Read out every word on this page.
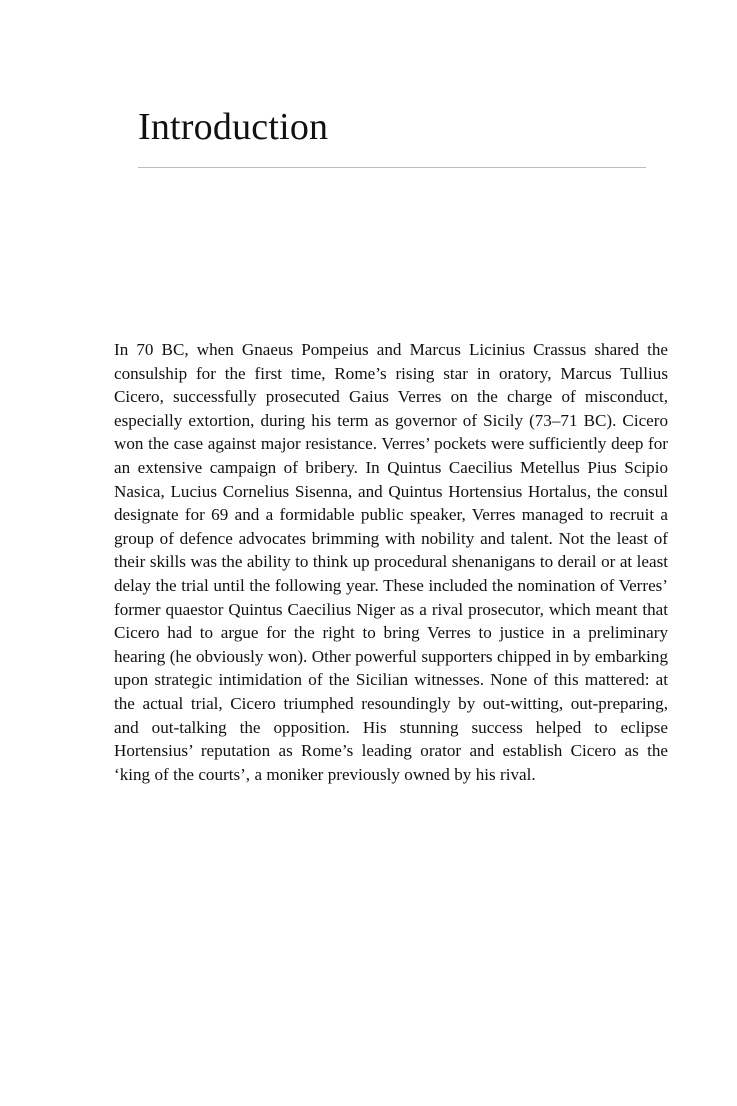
Introduction

In 70 BC, when Gnaeus Pompeius and Marcus Licinius Crassus shared the consulship for the first time, Rome’s rising star in oratory, Marcus Tullius Cicero, successfully prosecuted Gaius Verres on the charge of misconduct, especially extortion, during his term as governor of Sicily (73–71 BC). Cicero won the case against major resistance. Verres’ pockets were sufficiently deep for an extensive campaign of bribery. In Quintus Caecilius Metellus Pius Scipio Nasica, Lucius Cornelius Sisenna, and Quintus Hortensius Hortalus, the consul designate for 69 and a formidable public speaker, Verres managed to recruit a group of defence advocates brimming with nobility and talent. Not the least of their skills was the ability to think up procedural shenanigans to derail or at least delay the trial until the following year. These included the nomination of Verres’ former quaestor Quintus Caecilius Niger as a rival prosecutor, which meant that Cicero had to argue for the right to bring Verres to justice in a preliminary hearing (he obviously won). Other powerful supporters chipped in by embarking upon strategic intimidation of the Sicilian witnesses. None of this mattered: at the actual trial, Cicero triumphed resoundingly by out-witting, out-preparing, and out-talking the opposition. His stunning success helped to eclipse Hortensius’ reputation as Rome’s leading orator and establish Cicero as the ‘king of the courts’, a moniker previously owned by his rival.
